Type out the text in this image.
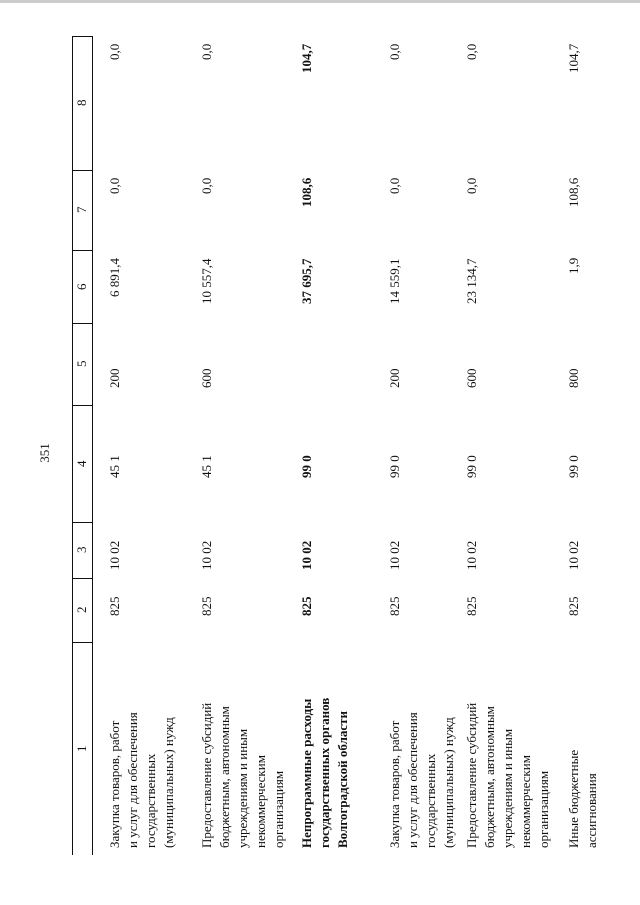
351
1
2
3
4
5
6
7
8
Закупка товаров, работ и услуг для обеспечения государственных (муниципальных) нужд
825
10 02
45 1
200
6 891,4
0,0
0,0
Предоставление субсидий бюджетным, автономным учреждениям и иным некоммерческим организациям
825
10 02
45 1
600
10 557,4
0,0
0,0
Непрограммные расходы государственных органов Волгоградской области
825
10 02
99 0
37 695,7
108,6
104,7
Закупка товаров, работ и услуг для обеспечения государственных (муниципальных) нужд
825
10 02
99 0
200
14 559,1
0,0
0,0
Предоставление субсидий бюджетным, автономным учреждениям и иным некоммерческим организациям
825
10 02
99 0
600
23 134,7
0,0
0,0
Иные бюджетные ассигнования
825
10 02
99 0
800
1,9
108,6
104,7
